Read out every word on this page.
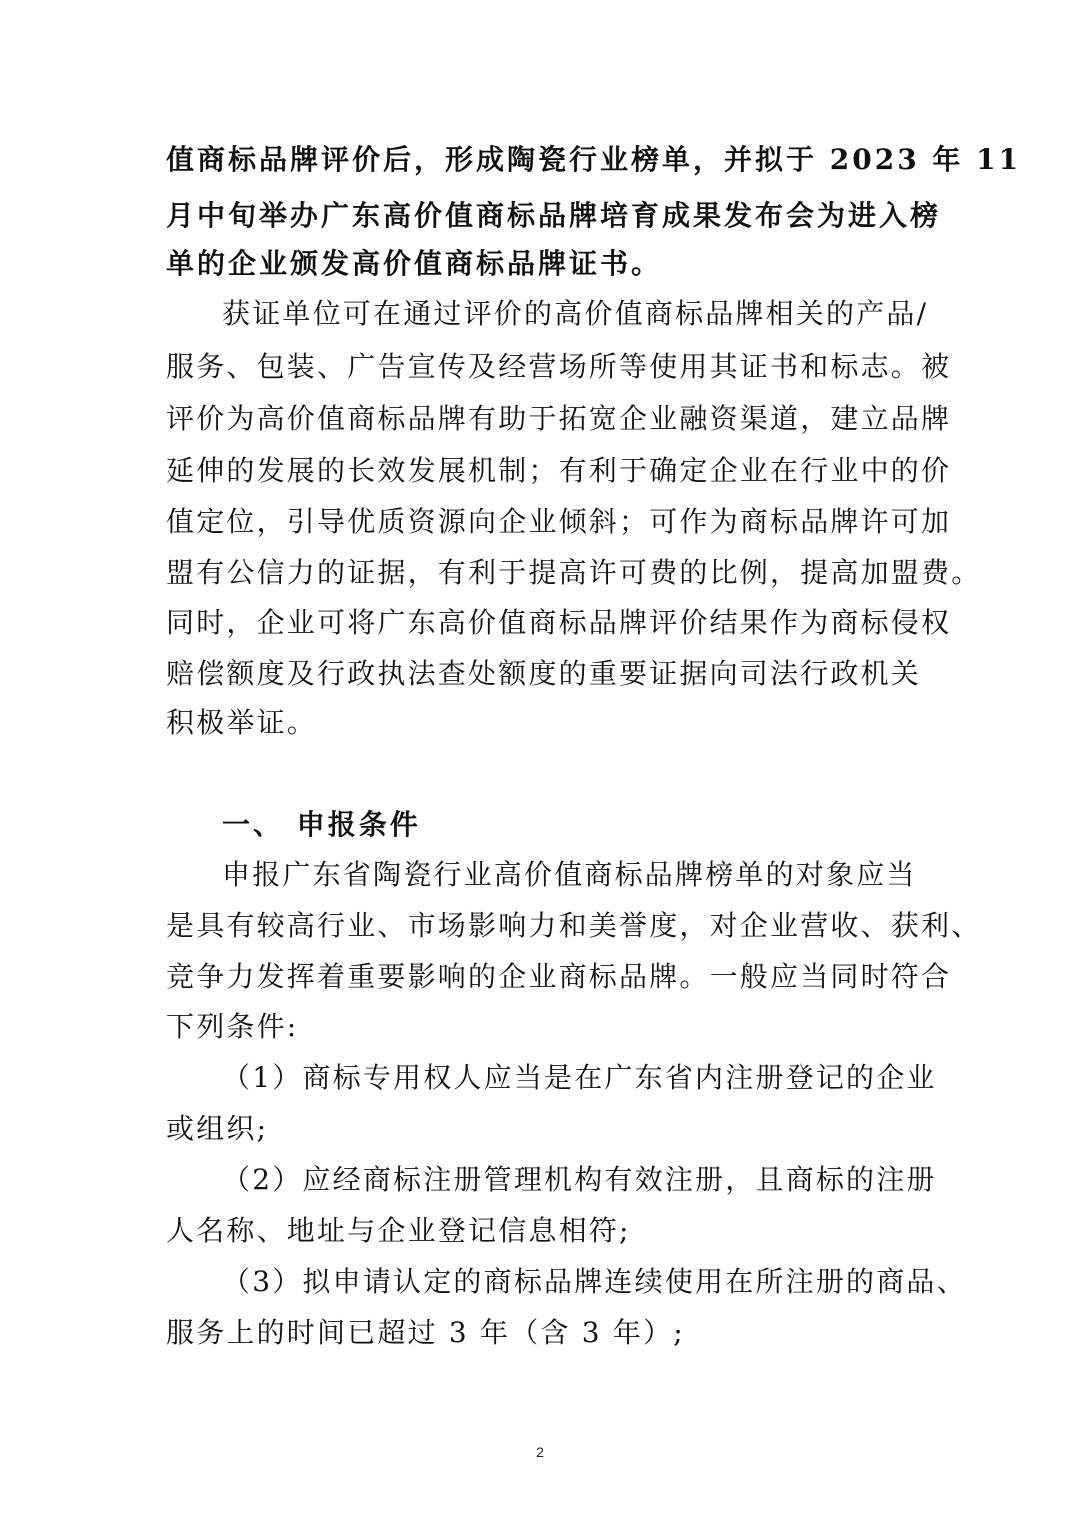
值商标品牌评价后，形成陶瓷行业榜单，并拟于 2023 年 11
月中旬举办广东高价值商标品牌培育成果发布会为进入榜
单的企业颁发高价值商标品牌证书。
获证单位可在通过评价的高价值商标品牌相关的产品/
服务、包装、广告宣传及经营场所等使用其证书和标志。被
评价为高价值商标品牌有助于拓宽企业融资渠道，建立品牌
延伸的发展的长效发展机制；有利于确定企业在行业中的价
值定位，引导优质资源向企业倾斜；可作为商标品牌许可加
盟有公信力的证据，有利于提高许可费的比例，提高加盟费。
同时，企业可将广东高价值商标品牌评价结果作为商标侵权
赔偿额度及行政执法查处额度的重要证据向司法行政机关
积极举证。
一、 申报条件
申报广东省陶瓷行业高价值商标品牌榜单的对象应当
是具有较高行业、市场影响力和美誉度，对企业营收、获利、
竞争力发挥着重要影响的企业商标品牌。一般应当同时符合
下列条件:
（1）商标专用权人应当是在广东省内注册登记的企业
或组织;
（2）应经商标注册管理机构有效注册，且商标的注册
人名称、地址与企业登记信息相符;
（3）拟申请认定的商标品牌连续使用在所注册的商品、
服务上的时间已超过 3 年（含 3 年）;
2
